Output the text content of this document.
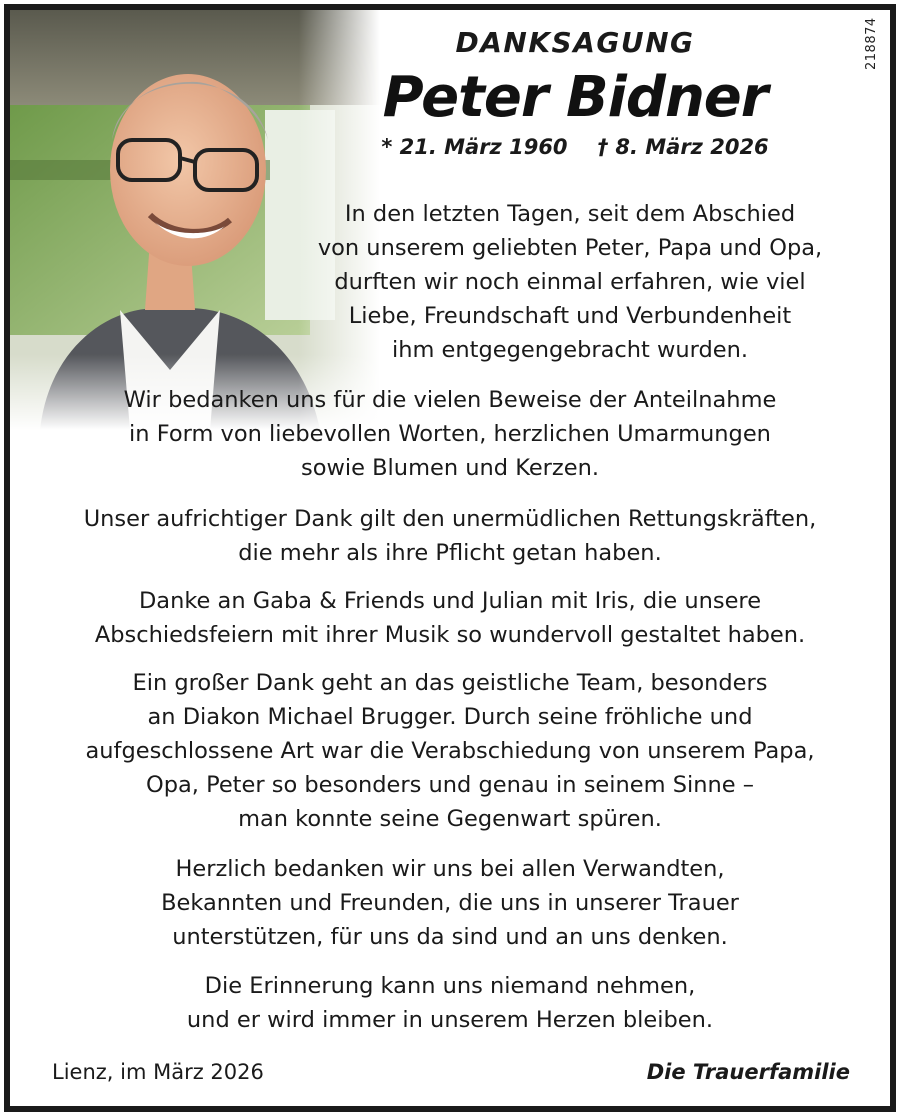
218874
DANKSAGUNG
Peter Bidner
* 21. März 1960 † 8. März 2026
In den letzten Tagen, seit dem Abschied
von unserem geliebten Peter, Papa und Opa,
durften wir noch einmal erfahren, wie viel
Liebe, Freundschaft und Verbundenheit
ihm entgegengebracht wurden.
Wir bedanken uns für die vielen Beweise der Anteilnahme
in Form von liebevollen Worten, herzlichen Umarmungen
sowie Blumen und Kerzen.
Unser aufrichtiger Dank gilt den unermüdlichen Rettungskräften,
die mehr als ihre Pflicht getan haben.
Danke an Gaba & Friends und Julian mit Iris, die unsere
Abschiedsfeiern mit ihrer Musik so wundervoll gestaltet haben.
Ein großer Dank geht an das geistliche Team, besonders
an Diakon Michael Brugger. Durch seine fröhliche und
aufgeschlossene Art war die Verabschiedung von unserem Papa,
Opa, Peter so besonders und genau in seinem Sinne –
man konnte seine Gegenwart spüren.
Herzlich bedanken wir uns bei allen Verwandten,
Bekannten und Freunden, die uns in unserer Trauer
unterstützen, für uns da sind und an uns denken.
Die Erinnerung kann uns niemand nehmen,
und er wird immer in unserem Herzen bleiben.
Lienz, im März 2026	Die Trauerfamilie
